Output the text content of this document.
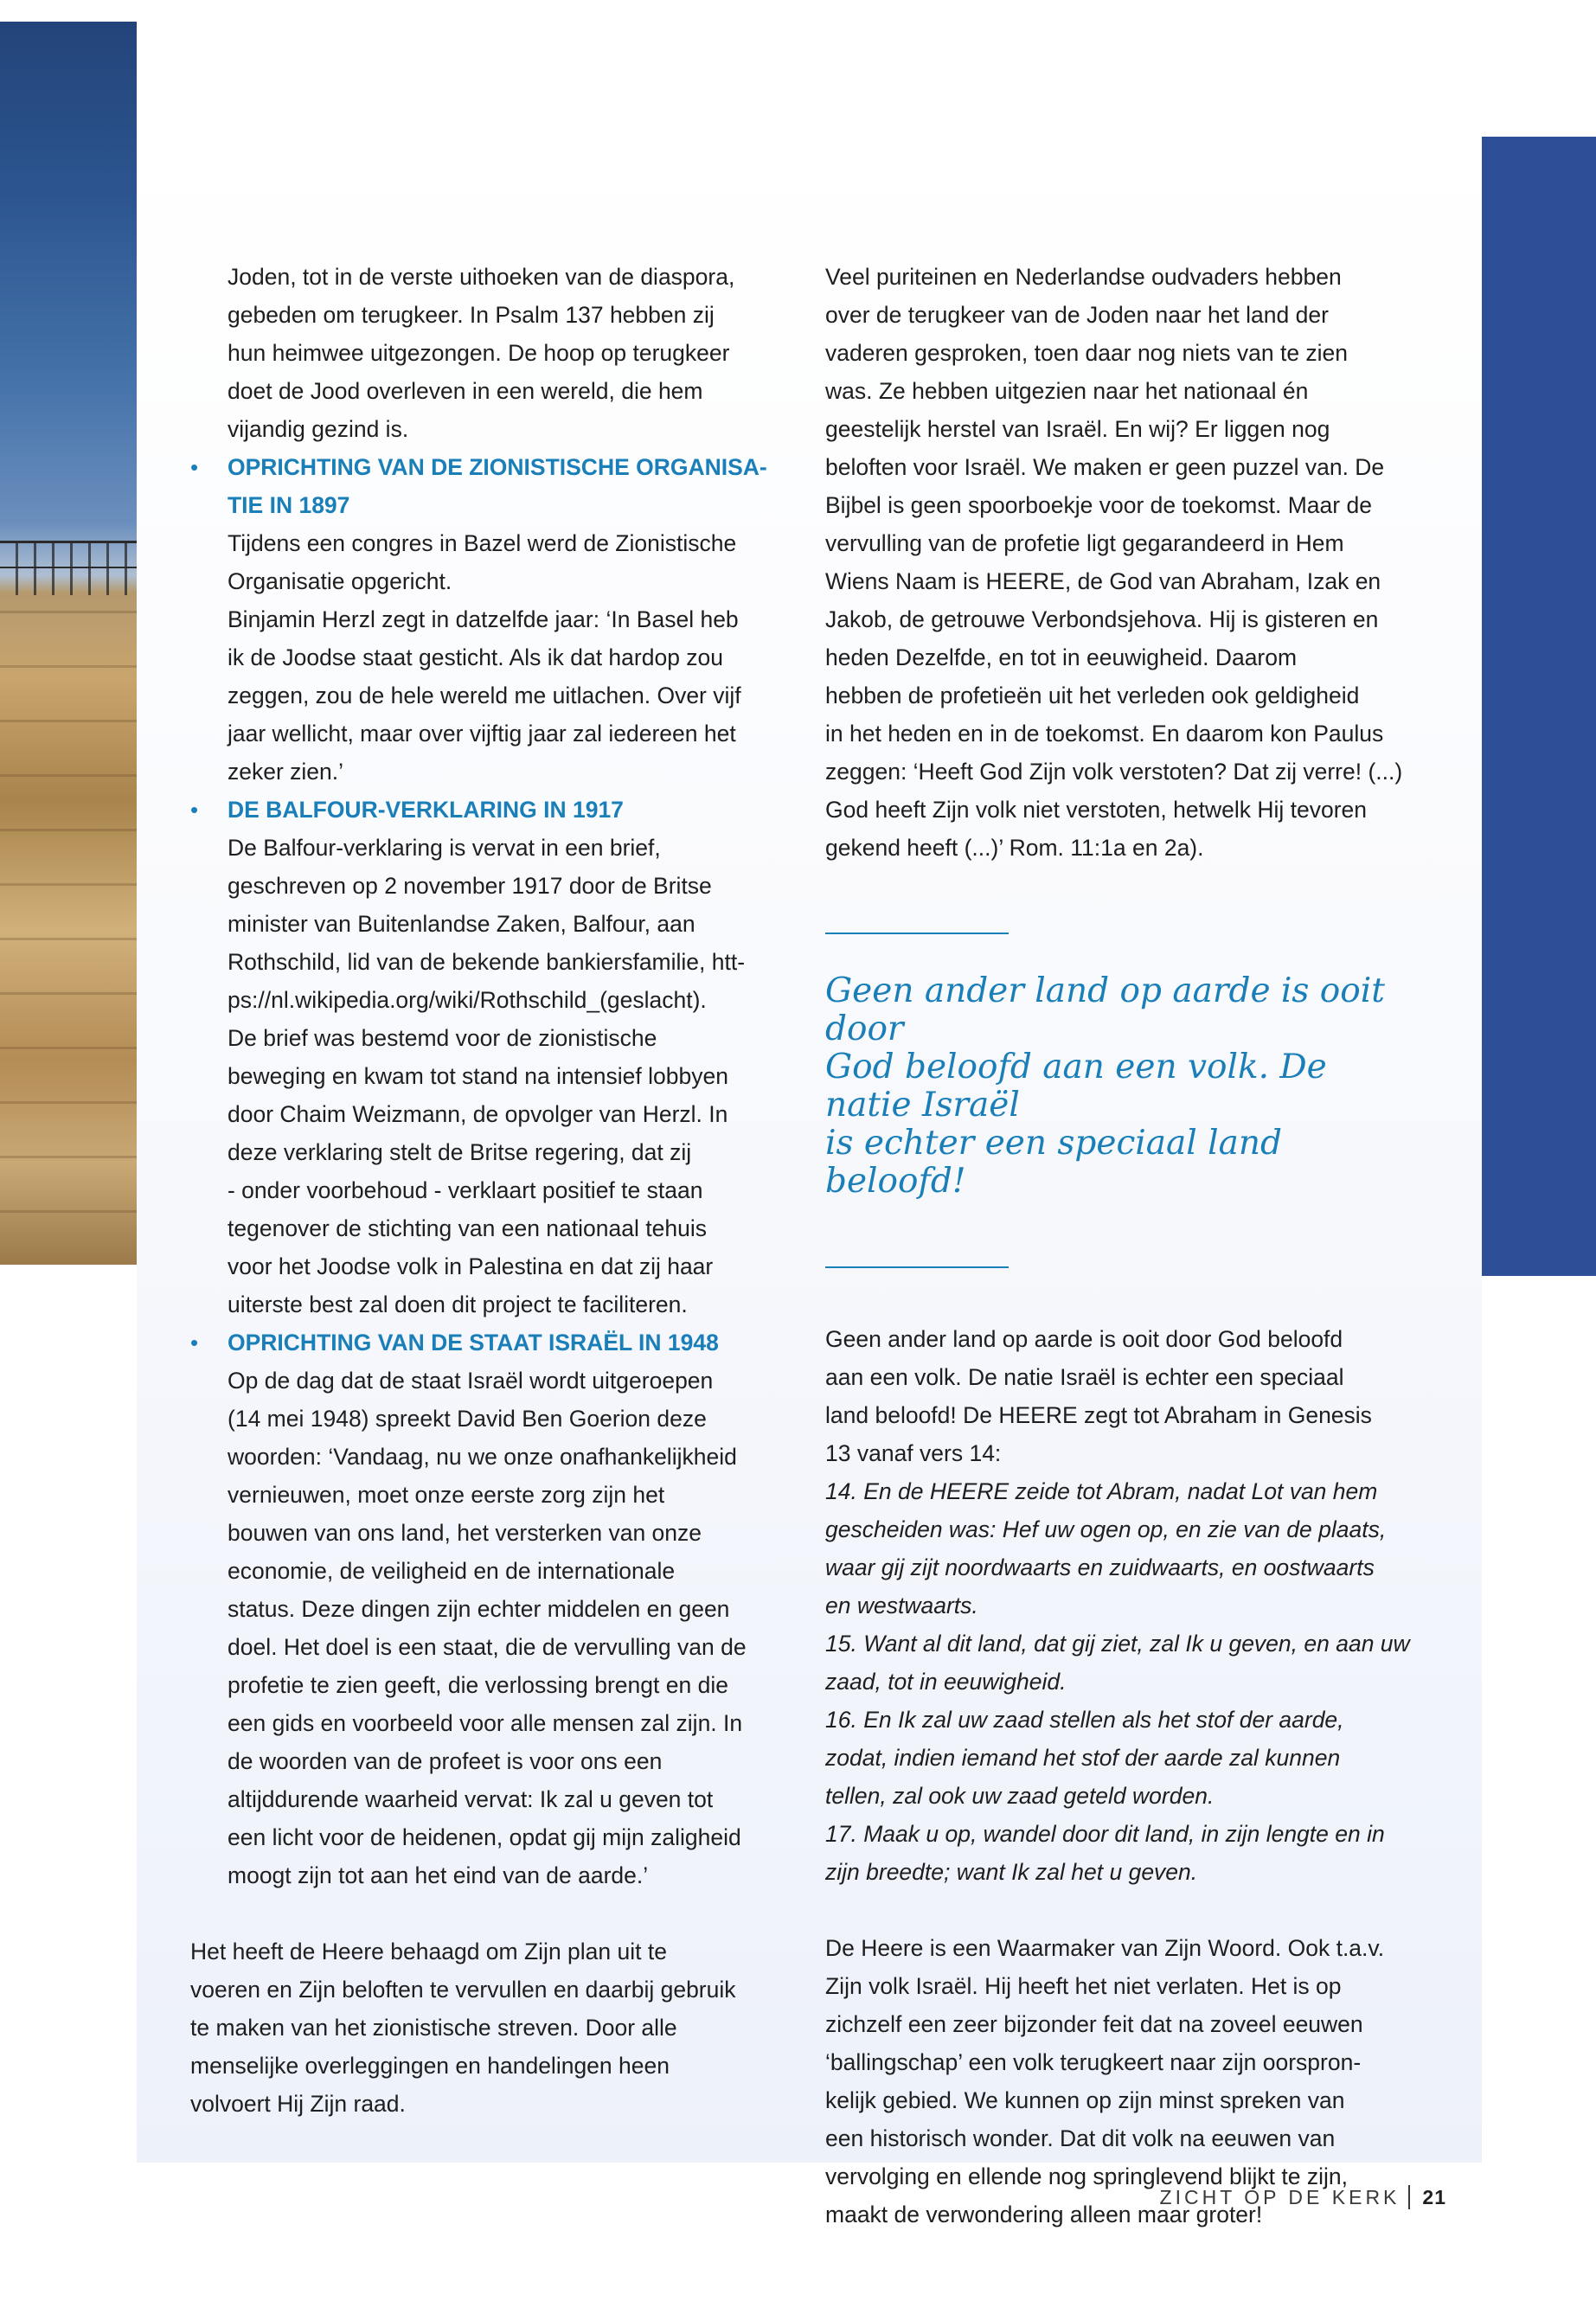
Joden, tot in de verste uithoeken van de diaspora,

gebeden om terugkeer. In Psalm 137 hebben zij

hun heimwee uitgezongen. De hoop op terugkeer

doet de Jood overleven in een wereld, die hem

vijandig gezind is.

• OPRICHTING VAN DE ZIONISTISCHE ORGANISA-

TIE IN 1897

Tijdens een congres in Bazel werd de Zionistische

Organisatie opgericht.

Binjamin Herzl zegt in datzelfde jaar: ‘In Basel heb

ik de Joodse staat gesticht. Als ik dat hardop zou

zeggen, zou de hele wereld me uitlachen. Over vijf

jaar wellicht, maar over vijftig jaar zal iedereen het

zeker zien.’

• DE BALFOUR-VERKLARING IN 1917

De Balfour-verklaring is vervat in een brief,

geschreven op 2 november 1917 door de Britse

minister van Buitenlandse Zaken, Balfour, aan

Rothschild, lid van de bekende bankiersfamilie, htt-

ps://nl.wikipedia.org/wiki/Rothschild_(geslacht).

De brief was bestemd voor de zionistische

beweging en kwam tot stand na intensief lobbyen

door Chaim Weizmann, de opvolger van Herzl. In

deze verklaring stelt de Britse regering, dat zij

- onder voorbehoud - verklaart positief te staan

tegenover de stichting van een nationaal tehuis

voor het Joodse volk in Palestina en dat zij haar

uiterste best zal doen dit project te faciliteren.

• OPRICHTING VAN DE STAAT ISRAËL IN 1948

Op de dag dat de staat Israël wordt uitgeroepen

(14 mei 1948) spreekt David Ben Goerion deze

woorden: ‘Vandaag, nu we onze onafhankelijkheid

vernieuwen, moet onze eerste zorg zijn het

bouwen van ons land, het versterken van onze

economie, de veiligheid en de internationale

status. Deze dingen zijn echter middelen en geen

doel. Het doel is een staat, die de vervulling van de

profetie te zien geeft, die verlossing brengt en die

een gids en voorbeeld voor alle mensen zal zijn. In

de woorden van de profeet is voor ons een

altijddurende waarheid vervat: Ik zal u geven tot

een licht voor de heidenen, opdat gij mijn zaligheid

moogt zijn tot aan het eind van de aarde.’

Het heeft de Heere behaagd om Zijn plan uit te

voeren en Zijn beloften te vervullen en daarbij gebruik

te maken van het zionistische streven. Door alle

menselijke overleggingen en handelingen heen

volvoert Hij Zijn raad.

Veel puriteinen en Nederlandse oudvaders hebben

over de terugkeer van de Joden naar het land der

vaderen gesproken, toen daar nog niets van te zien

was. Ze hebben uitgezien naar het nationaal én

geestelijk herstel van Israël. En wij? Er liggen nog

beloften voor Israël. We maken er geen puzzel van. De

Bijbel is geen spoorboekje voor de toekomst. Maar de

vervulling van de profetie ligt gegarandeerd in Hem

Wiens Naam is HEERE, de God van Abraham, Izak en

Jakob, de getrouwe Verbondsjehova. Hij is gisteren en

heden Dezelfde, en tot in eeuwigheid. Daarom

hebben de profetieën uit het verleden ook geldigheid

in het heden en in de toekomst. En daarom kon Paulus

zeggen: ‘Heeft God Zijn volk verstoten? Dat zij verre! (...)

God heeft Zijn volk niet verstoten, hetwelk Hij tevoren

gekend heeft (...)’ Rom. 11:1a en 2a).

Geen ander land op aarde is ooit door

God beloofd aan een volk. De natie Israël

is echter een speciaal land beloofd!

Geen ander land op aarde is ooit door God beloofd

aan een volk. De natie Israël is echter een speciaal

land beloofd! De HEERE zegt tot Abraham in Genesis

13 vanaf vers 14:

14. En de HEERE zeide tot Abram, nadat Lot van hem

gescheiden was: Hef uw ogen op, en zie van de plaats,

waar gij zijt noordwaarts en zuidwaarts, en oostwaarts

en westwaarts.

15. Want al dit land, dat gij ziet, zal Ik u geven, en aan uw

zaad, tot in eeuwigheid.

16. En Ik zal uw zaad stellen als het stof der aarde,

zodat, indien iemand het stof der aarde zal kunnen

tellen, zal ook uw zaad geteld worden.

17. Maak u op, wandel door dit land, in zijn lengte en in

zijn breedte; want Ik zal het u geven.

De Heere is een Waarmaker van Zijn Woord. Ook t.a.v.

Zijn volk Israël. Hij heeft het niet verlaten. Het is op

zichzelf een zeer bijzonder feit dat na zoveel eeuwen

‘ballingschap’ een volk terugkeert naar zijn oorspron-

kelijk gebied. We kunnen op zijn minst spreken van

een historisch wonder. Dat dit volk na eeuwen van

vervolging en ellende nog springlevend blijkt te zijn,

maakt de verwondering alleen maar groter!

ZICHT OP DE KERK 21
